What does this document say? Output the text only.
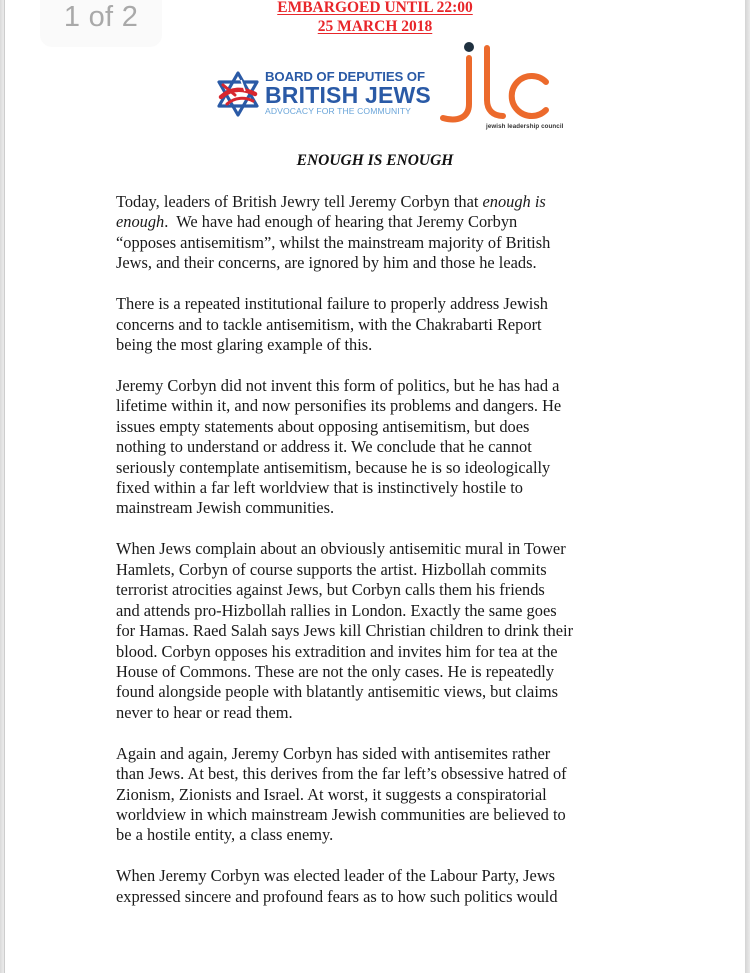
1 of 2	EMBARGOED UNTIL 22:00
25 MARCH 2018
BOARD OF DEPUTIES OF
BRITISH JEWS
ADVOCACY FOR THE COMMUNITY
jewish leadership council
ENOUGH IS ENOUGH

Today, leaders of British Jewry tell Jeremy Corbyn that enough is
enough.  We have had enough of hearing that Jeremy Corbyn
“opposes antisemitism”, whilst the mainstream majority of British
Jews, and their concerns, are ignored by him and those he leads.

There is a repeated institutional failure to properly address Jewish
concerns and to tackle antisemitism, with the Chakrabarti Report
being the most glaring example of this.

Jeremy Corbyn did not invent this form of politics, but he has had a
lifetime within it, and now personifies its problems and dangers. He
issues empty statements about opposing antisemitism, but does
nothing to understand or address it. We conclude that he cannot
seriously contemplate antisemitism, because he is so ideologically
fixed within a far left worldview that is instinctively hostile to
mainstream Jewish communities.

When Jews complain about an obviously antisemitic mural in Tower
Hamlets, Corbyn of course supports the artist. Hizbollah commits
terrorist atrocities against Jews, but Corbyn calls them his friends
and attends pro-Hizbollah rallies in London. Exactly the same goes
for Hamas. Raed Salah says Jews kill Christian children to drink their
blood. Corbyn opposes his extradition and invites him for tea at the
House of Commons. These are not the only cases. He is repeatedly
found alongside people with blatantly antisemitic views, but claims
never to hear or read them.

Again and again, Jeremy Corbyn has sided with antisemites rather
than Jews. At best, this derives from the far left’s obsessive hatred of
Zionism, Zionists and Israel. At worst, it suggests a conspiratorial
worldview in which mainstream Jewish communities are believed to
be a hostile entity, a class enemy.

When Jeremy Corbyn was elected leader of the Labour Party, Jews
expressed sincere and profound fears as to how such politics would
